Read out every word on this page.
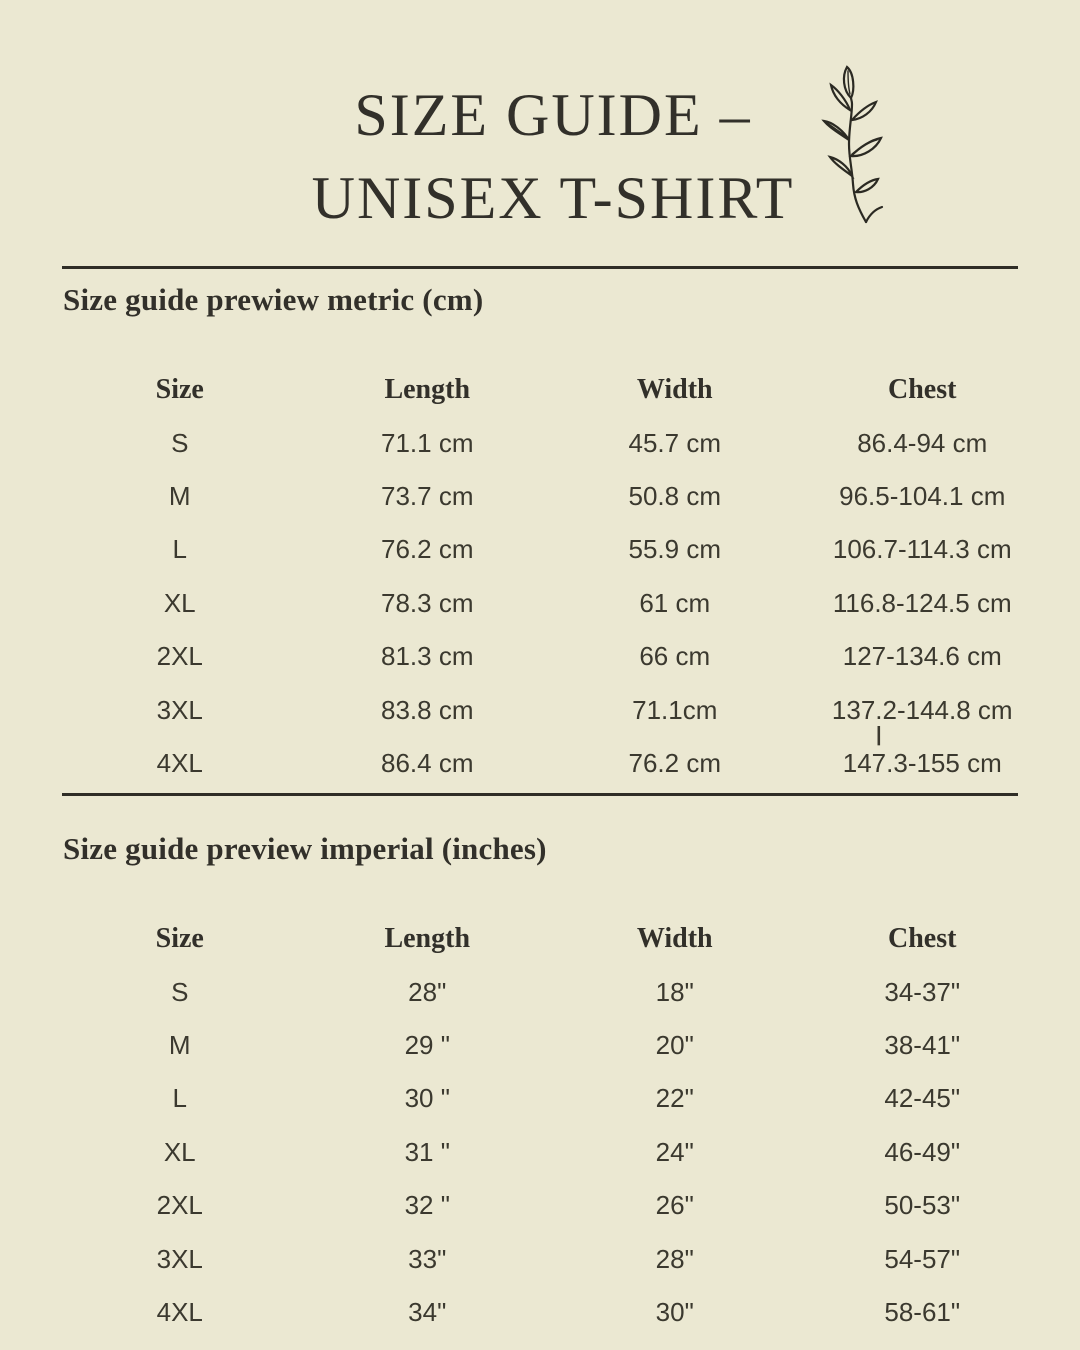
SIZE GUIDE –
UNISEX T-SHIRT
Size guide prewiew metric (cm)
Size	Length	Width	Chest
S	71.1 cm	45.7 cm	86.4-94 cm
M	73.7 cm	50.8 cm	96.5-104.1 cm
L	76.2 cm	55.9 cm	106.7-114.3 cm
XL	78.3 cm	61 cm	116.8-124.5 cm
2XL	81.3 cm	66 cm	127-134.6 cm
3XL	83.8 cm	71.1cm	137.2-144.8 cm
4XL	86.4 cm	76.2 cm	147.3-155 cm
|
Size guide preview imperial (inches)
Size	Length	Width	Chest
S	28"	18"	34-37"
M	29 "	20"	38-41"
L	30 "	22"	42-45"
XL	31 "	24"	46-49"
2XL	32 "	26"	50-53"
3XL	33"	28"	54-57"
4XL	34"	30"	58-61"
